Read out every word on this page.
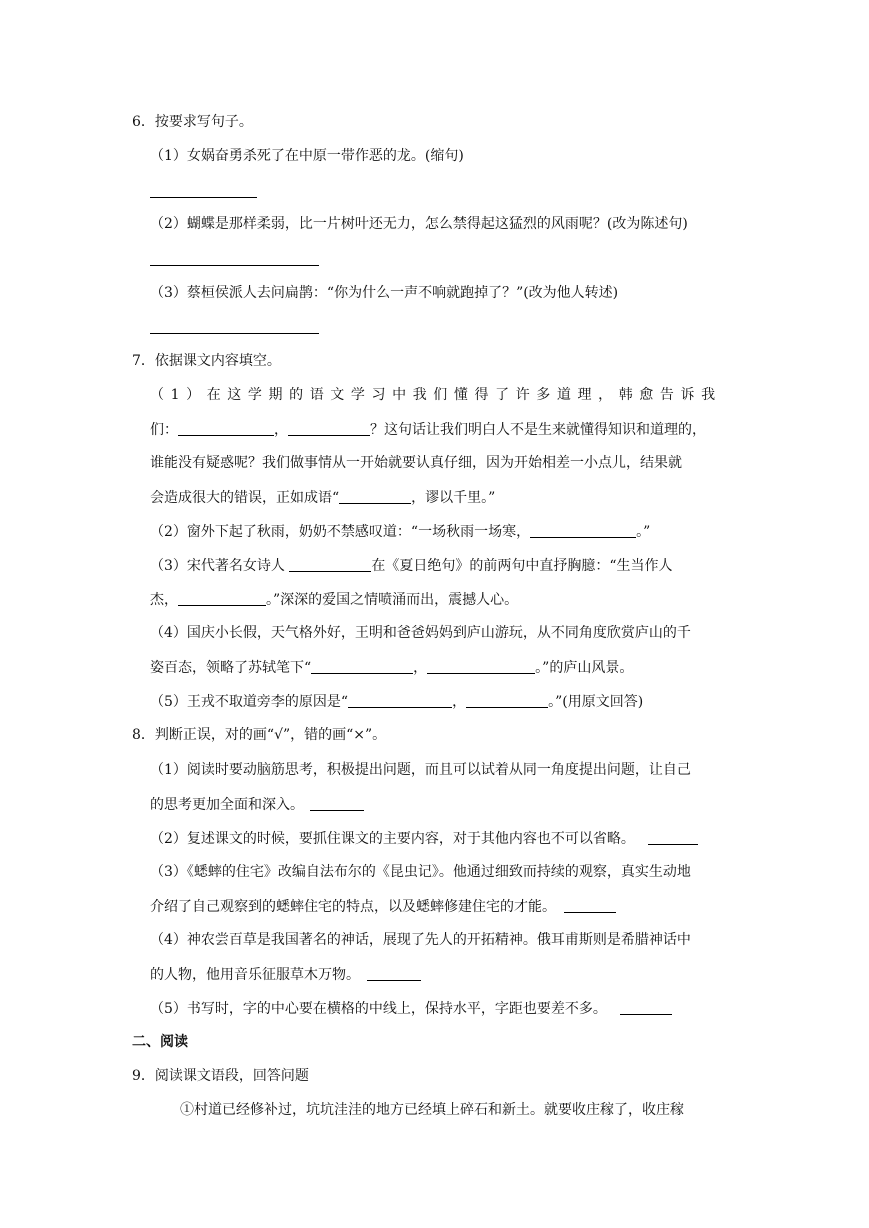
6．按要求写句子。
（1）女娲奋勇杀死了在中原一带作恶的龙。(缩句)
（2）蝴蝶是那样柔弱，比一片树叶还无力，怎么禁得起这猛烈的风雨呢？(改为陈述句)
（3）蔡桓侯派人去问扁鹊：“你为什么一声不响就跑掉了？”(改为他人转述)
7．依据课文内容填空。
（1）在这学期的语文学习中我们懂得了许多道理，韩愈告诉我
们：	，	？这句话让我们明白人不是生来就懂得知识和道理的，
谁能没有疑惑呢？我们做事情从一开始就要认真仔细，因为开始相差一小点儿，结果就
会造成很大的错误，正如成语“	，谬以千里。”
（2）窗外下起了秋雨，奶奶不禁感叹道：“一场秋雨一场寒，	。”
（3）宋代著名女诗人	在《夏日绝句》的前两句中直抒胸臆：“生当作人
杰，	。”深深的爱国之情喷涌而出，震撼人心。
（4）国庆小长假，天气格外好，王明和爸爸妈妈到庐山游玩，从不同角度欣赏庐山的千
姿百态，领略了苏轼笔下“	，	。”的庐山风景。
（5）王戎不取道旁李的原因是“	，	。”(用原文回答)
8．判断正误，对的画“√”，错的画“×”。
（1）阅读时要动脑筋思考，积极提出问题，而且可以试着从同一角度提出问题，让自己
的思考更加全面和深入。
（2）复述课文的时候，要抓住课文的主要内容，对于其他内容也不可以省略。
（3）《蟋蟀的住宅》改编自法布尔的《昆虫记》。他通过细致而持续的观察，真实生动地
介绍了自己观察到的蟋蟀住宅的特点，以及蟋蟀修建住宅的才能。
（4）神农尝百草是我国著名的神话，展现了先人的开拓精神。俄耳甫斯则是希腊神话中
的人物，他用音乐征服草木万物。
（5）书写时，字的中心要在横格的中线上，保持水平，字距也要差不多。
二、阅读
9．阅读课文语段，回答问题
①村道已经修补过，坑坑洼洼的地方已经填上碎石和新土。就要收庄稼了，收庄稼
